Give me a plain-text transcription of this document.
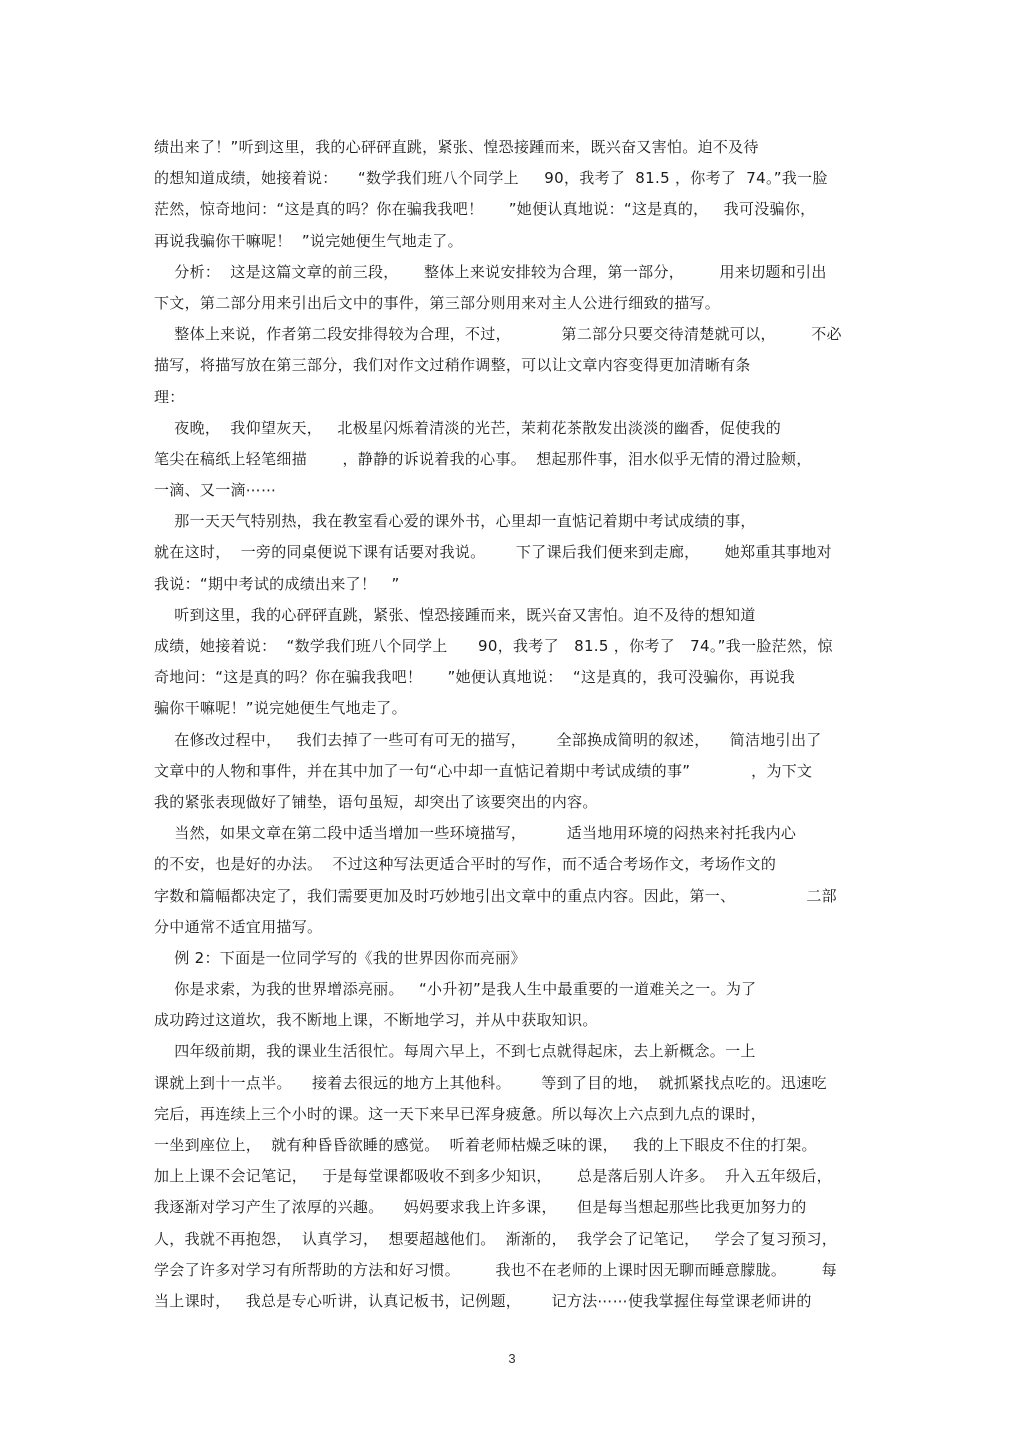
绩出来了！”听到这里，我的心砰砰直跳，紧张、惶恐接踵而来，既兴奋又害怕。迫不及待
的想知道成绩，她接着说：    “数学我们班八个同学上     90，我考了  81.5 ，你考了  74。”我一脸
茫然，惊奇地问：“这是真的吗？你在骗我我吧！     ”她便认真地说：“这是真的，   我可没骗你，
再说我骗你干嘛呢！  ”说完她便生气地走了。
分析：  这是这篇文章的前三段，     整体上来说安排较为合理，第一部分，       用来切题和引出
下文，第二部分用来引出后文中的事件，第三部分则用来对主人公进行细致的描写。
整体上来说，作者第二段安排得较为合理，不过，          第二部分只要交待清楚就可以，       不必
描写，将描写放在第三部分，我们对作文过稍作调整，可以让文章内容变得更加清晰有条
理：
夜晚，  我仰望灰天，   北极星闪烁着清淡的光芒，茉莉花茶散发出淡淡的幽香，促使我的
笔尖在稿纸上轻笔细描       ，静静的诉说着我的心事。  想起那件事，泪水似乎无情的滑过脸颊，
一滴、又一滴⋯⋯
那一天天气特别热，我在教室看心爱的课外书，心里却一直惦记着期中考试成绩的事，
就在这时，  一旁的同桌便说下课有话要对我说。      下了课后我们便来到走廊，     她郑重其事地对
我说：“期中考试的成绩出来了！   ”
听到这里，我的心砰砰直跳，紧张、惶恐接踵而来，既兴奋又害怕。迫不及待的想知道
成绩，她接着说：  “数学我们班八个同学上      90，我考了   81.5 ，你考了   74。”我一脸茫然，惊
奇地问：“这是真的吗？你在骗我我吧！     ”她便认真地说：  “这是真的，我可没骗你，再说我
骗你干嘛呢！”说完她便生气地走了。
在修改过程中，   我们去掉了一些可有可无的描写，      全部换成简明的叙述，    简洁地引出了
文章中的人物和事件，并在其中加了一句“心中却一直惦记着期中考试成绩的事”            ，为下文
我的紧张表现做好了铺垫，语句虽短，却突出了该要突出的内容。
当然，如果文章在第二段中适当增加一些环境描写，        适当地用环境的闷热来衬托我内心
的不安，也是好的办法。  不过这种写法更适合平时的写作，而不适合考场作文，考场作文的
字数和篇幅都决定了，我们需要更加及时巧妙地引出文章中的重点内容。因此，第一、              二部
分中通常不适宜用描写。
例 2：下面是一位同学写的《我的世界因你而亮丽》
你是求索，为我的世界增添亮丽。   “小升初”是我人生中最重要的一道难关之一。为了
成功跨过这道坎，我不断地上课，不断地学习，并从中获取知识。
四年级前期，我的课业生活很忙。每周六早上，不到七点就得起床，去上新概念。一上
课就上到十一点半。    接着去很远的地方上其他科。      等到了目的地，  就抓紧找点吃的。迅速吃
完后，再连续上三个小时的课。这一天下来早已浑身疲惫。所以每次上六点到九点的课时，
一坐到座位上，  就有种昏昏欲睡的感觉。  听着老师枯燥乏味的课，   我的上下眼皮不住的打架。
加上上课不会记笔记，   于是每堂课都吸收不到多少知识，     总是落后别人许多。  升入五年级后，
我逐渐对学习产生了浓厚的兴趣。    妈妈要求我上许多课，    但是每当想起那些比我更加努力的
人，我就不再抱怨，  认真学习，  想要超越他们。  渐渐的，  我学会了记笔记，   学会了复习预习，
学会了许多对学习有所帮助的方法和好习惯。       我也不在老师的上课时因无聊而睡意朦胧。       每
当上课时，   我总是专心听讲，认真记板书，记例题，      记方法⋯⋯使我掌握住每堂课老师讲的
3
